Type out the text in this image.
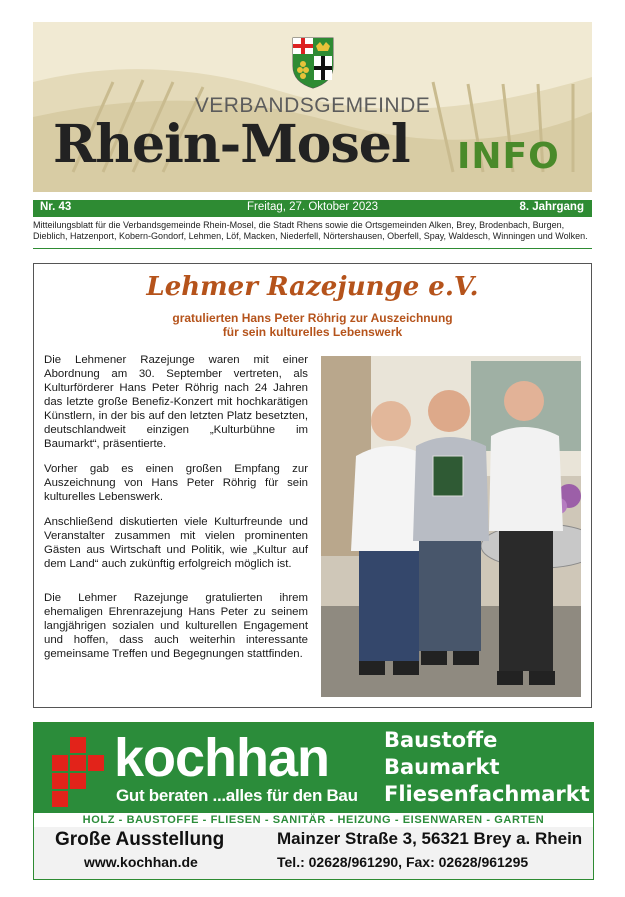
VERBANDSGEMEINDE
Rhein-Mosel INFO
Freitag, 27. Oktober 2023
Nr. 43	8. Jahrgang
Mitteilungsblatt für die Verbandsgemeinde Rhein-Mosel, die Stadt Rhens sowie die Ortsgemeinden Alken, Brey, Brodenbach, Burgen, Dieblich, Hatzenport, Kobern-Gondorf, Lehmen, Löf, Macken, Niederfell, Nörtershausen, Oberfell, Spay, Waldesch, Winningen und Wolken.
Lehmer Razejunge e.V.
gratulierten Hans Peter Röhrig zur Auszeichnung
für sein kulturelles Lebenswerk

Die Lehmener Razejunge waren mit einer Abordnung am 30. September vertreten, als Kulturförderer Hans Peter Röhrig nach 24 Jahren das letzte große Benefiz-Konzert mit hochkarätigen Künstlern, in der bis auf den letzten Platz besetzten, deutschlandweit einzigen „Kulturbühne im Baumarkt“, präsentierte.

Vorher gab es einen großen Empfang zur Auszeichnung von Hans Peter Röhrig für sein kulturelles Lebenswerk.

Anschließend diskutierten viele Kulturfreunde und Veranstalter zusammen mit vielen prominenten Gästen aus Wirtschaft und Politik, wie „Kultur auf dem Land“ auch zukünftig erfolgreich möglich ist.

Die Lehmer Razejunge gratulierten ihrem ehemaligen Ehrenrazejung Hans Peter zu seinem langjährigen sozialen und kulturellen Engagement und hoffen, dass auch weiterhin interessante gemeinsame Treffen und Begegnungen stattfinden.

kochhan
Gut beraten ...alles für den Bau
Baustoffe
Baumarkt
Fliesenfachmarkt
HOLZ - BAUSTOFFE - FLIESEN - SANITÄR - HEIZUNG - EISENWAREN - GARTEN
Große Ausstellung
www.kochhan.de
Mainzer Straße 3, 56321 Brey a. Rhein
Tel.: 02628/961290, Fax: 02628/961295
